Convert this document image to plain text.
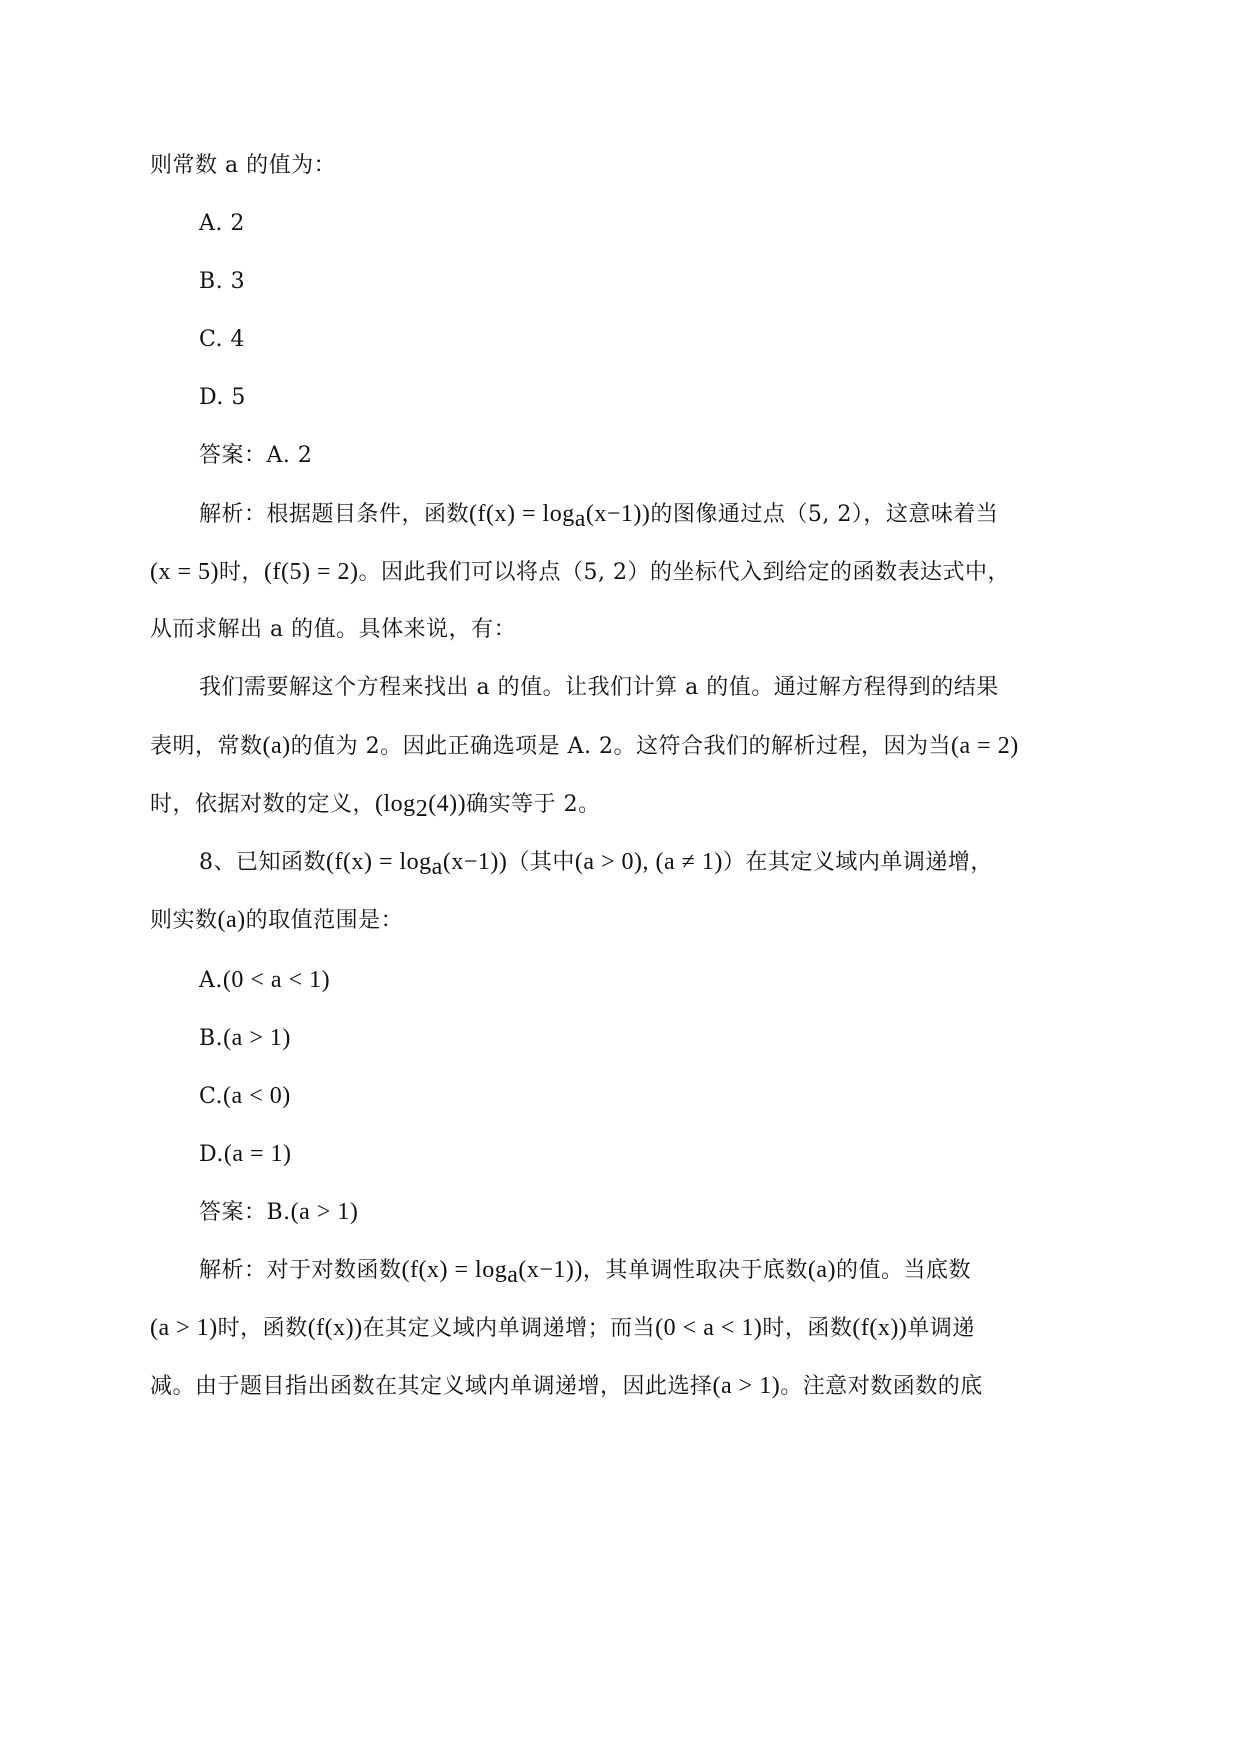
则常数 a 的值为：
A. 2
B. 3
C. 4
D. 5
答案：A. 2
解析：根据题目条件，函数$(f(x) = \log_a(x-1))$的图像通过点（5, 2），这意味着当
(x = 5)时，(f(5) = 2)。因此我们可以将点（5, 2）的坐标代入到给定的函数表达式中，
从而求解出 a 的值。具体来说，有：
我们需要解这个方程来找出 a 的值。让我们计算 a 的值。通过解方程得到的结果
表明，常数(a)的值为 2。因此正确选项是 A. 2。这符合我们的解析过程，因为当(a = 2)
时，依据对数的定义，$(\log_2(4))$确实等于 2。
8、已知函数$(f(x) = \log_a(x-1))$（其中(a > 0), (a ≠ 1)）在其定义域内单调递增，
则实数(a)的取值范围是：
A.(0 < a < 1)
B.(a > 1)
C.(a < 0)
D.(a = 1)
答案：B.(a > 1)
解析：对于对数函数$(f(x) = \log_a(x-1))$，其单调性取决于底数(a)的值。当底数
(a > 1)时，函数(f(x))在其定义域内单调递增；而当(0 < a < 1)时，函数(f(x))单调递
减。由于题目指出函数在其定义域内单调递增，因此选择(a > 1)。注意对数函数的底
